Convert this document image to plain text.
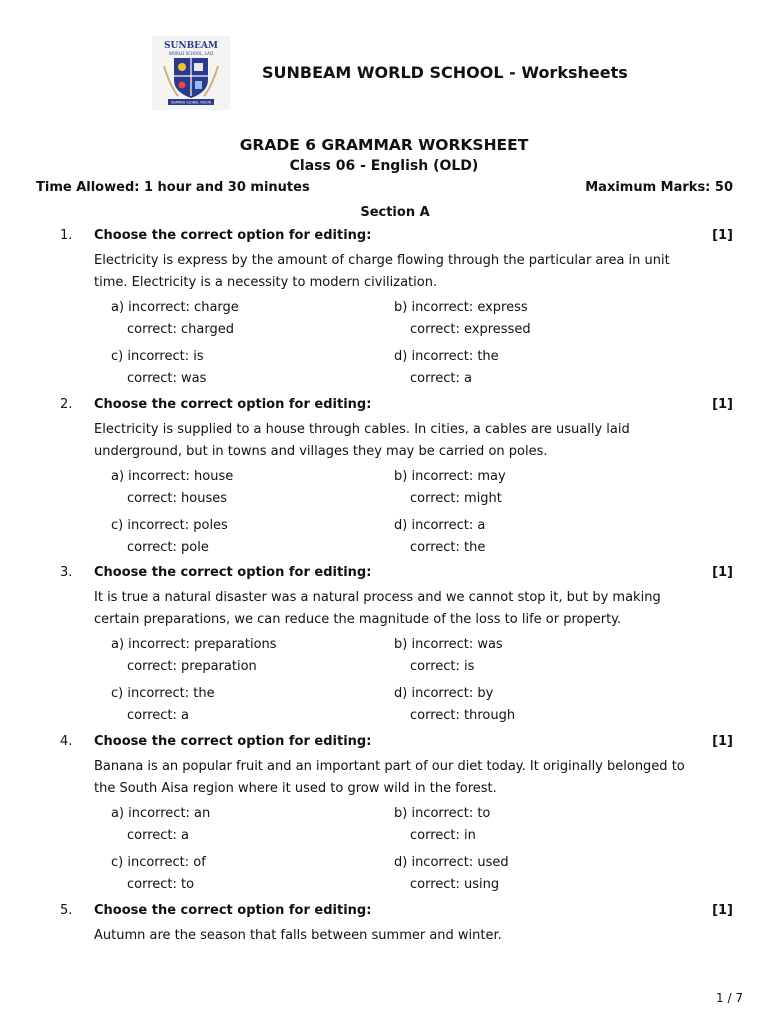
SUNBEAM
WORLD SCHOOL, LAO
SHAPING GLOBAL VISION
SUNBEAM WORLD SCHOOL - Worksheets
GRADE 6 GRAMMAR WORKSHEET
Class 06 - English (OLD)
Time Allowed: 1 hour and 30 minutes	Maximum Marks: 50
Section A
1. Choose the correct option for editing:	[1]
Electricity is express by the amount of charge flowing through the particular area in unit time. Electricity is a necessity to modern civilization.
a) incorrect: charge
correct: charged
b) incorrect: express
correct: expressed
c) incorrect: is
correct: was
d) incorrect: the
correct: a
2. Choose the correct option for editing:	[1]
Electricity is supplied to a house through cables. In cities, a cables are usually laid underground, but in towns and villages they may be carried on poles.
a) incorrect: house
correct: houses
b) incorrect: may
correct: might
c) incorrect: poles
correct: pole
d) incorrect: a
correct: the
3. Choose the correct option for editing:	[1]
It is true a natural disaster was a natural process and we cannot stop it, but by making certain preparations, we can reduce the magnitude of the loss to life or property.
a) incorrect: preparations
correct: preparation
b) incorrect: was
correct: is
c) incorrect: the
correct: a
d) incorrect: by
correct: through
4. Choose the correct option for editing:	[1]
Banana is an popular fruit and an important part of our diet today. It originally belonged to the South Aisa region where it used to grow wild in the forest.
a) incorrect: an
correct: a
b) incorrect: to
correct: in
c) incorrect: of
correct: to
d) incorrect: used
correct: using
5. Choose the correct option for editing:	[1]
Autumn are the season that falls between summer and winter.
1 / 7
